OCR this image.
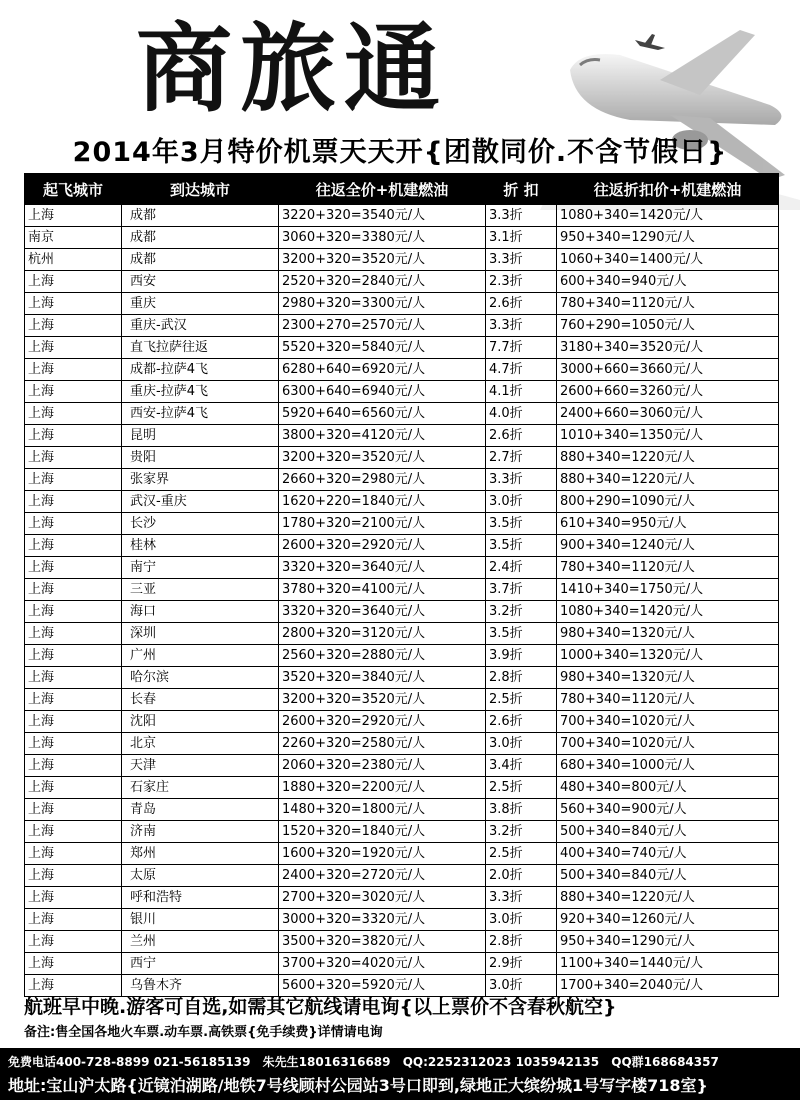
商旅通
2014年3月特价机票天天开{团散同价.不含节假日}
起飞城市	到达城市	往返全价+机建燃油	折 扣	往返折扣价+机建燃油
上海	成都	3220+320=3540元/人	3.3折	1080+340=1420元/人
南京	成都	3060+320=3380元/人	3.1折	950+340=1290元/人
杭州	成都	3200+320=3520元/人	3.3折	1060+340=1400元/人
上海	西安	2520+320=2840元/人	2.3折	600+340=940元/人
上海	重庆	2980+320=3300元/人	2.6折	780+340=1120元/人
上海	重庆-武汉	2300+270=2570元/人	3.3折	760+290=1050元/人
上海	直飞拉萨往返	5520+320=5840元/人	7.7折	3180+340=3520元/人
上海	成都-拉萨4飞	6280+640=6920元/人	4.7折	3000+660=3660元/人
上海	重庆-拉萨4飞	6300+640=6940元/人	4.1折	2600+660=3260元/人
上海	西安-拉萨4飞	5920+640=6560元/人	4.0折	2400+660=3060元/人
上海	昆明	3800+320=4120元/人	2.6折	1010+340=1350元/人
上海	贵阳	3200+320=3520元/人	2.7折	880+340=1220元/人
上海	张家界	2660+320=2980元/人	3.3折	880+340=1220元/人
上海	武汉-重庆	1620+220=1840元/人	3.0折	800+290=1090元/人
上海	长沙	1780+320=2100元/人	3.5折	610+340=950元/人
上海	桂林	2600+320=2920元/人	3.5折	900+340=1240元/人
上海	南宁	3320+320=3640元/人	2.4折	780+340=1120元/人
上海	三亚	3780+320=4100元/人	3.7折	1410+340=1750元/人
上海	海口	3320+320=3640元/人	3.2折	1080+340=1420元/人
上海	深圳	2800+320=3120元/人	3.5折	980+340=1320元/人
上海	广州	2560+320=2880元/人	3.9折	1000+340=1320元/人
上海	哈尔滨	3520+320=3840元/人	2.8折	980+340=1320元/人
上海	长春	3200+320=3520元/人	2.5折	780+340=1120元/人
上海	沈阳	2600+320=2920元/人	2.6折	700+340=1020元/人
上海	北京	2260+320=2580元/人	3.0折	700+340=1020元/人
上海	天津	2060+320=2380元/人	3.4折	680+340=1000元/人
上海	石家庄	1880+320=2200元/人	2.5折	480+340=800元/人
上海	青岛	1480+320=1800元/人	3.8折	560+340=900元/人
上海	济南	1520+320=1840元/人	3.2折	500+340=840元/人
上海	郑州	1600+320=1920元/人	2.5折	400+340=740元/人
上海	太原	2400+320=2720元/人	2.0折	500+340=840元/人
上海	呼和浩特	2700+320=3020元/人	3.3折	880+340=1220元/人
上海	银川	3000+320=3320元/人	3.0折	920+340=1260元/人
上海	兰州	3500+320=3820元/人	2.8折	950+340=1290元/人
上海	西宁	3700+320=4020元/人	2.9折	1100+340=1440元/人
上海	乌鲁木齐	5600+320=5920元/人	3.0折	1700+340=2040元/人
航班早中晚.游客可自选,如需其它航线请电询{以上票价不含春秋航空}
备注:售全国各地火车票.动车票.高铁票{免手续费}详情请电询
免费电话400-728-8899 021-56185139 朱先生18016316689 QQ:2252312023 1035942135 QQ群168684357
地址:宝山沪太路{近镜泊湖路/地铁7号线顾村公园站3号口即到,绿地正大缤纷城1号写字楼718室}
